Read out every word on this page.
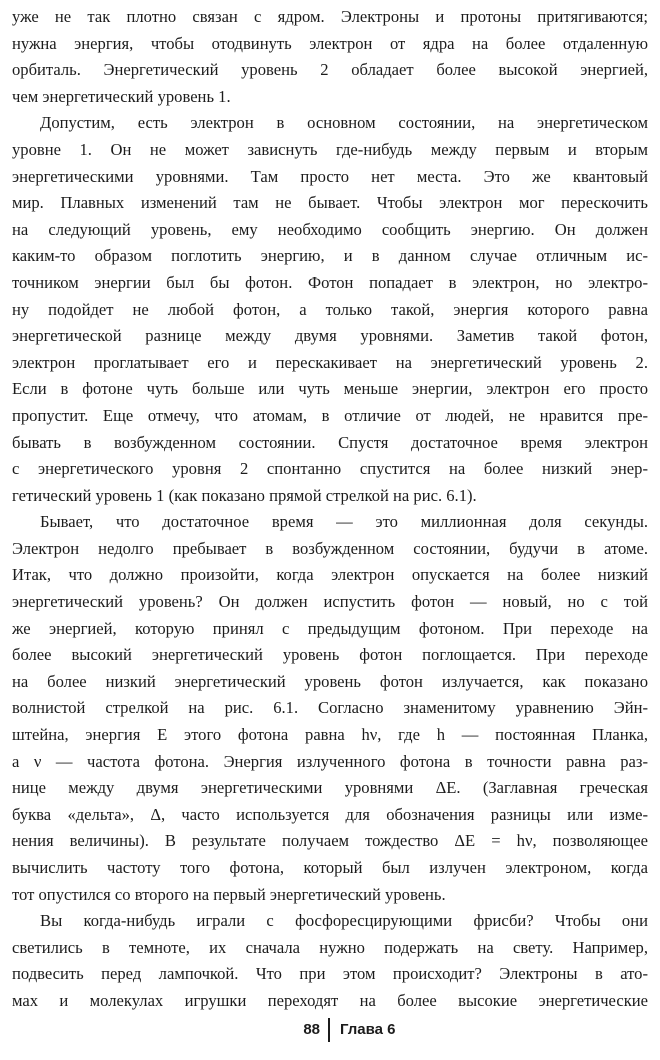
уже не так плотно связан с ядром. Электроны и протоны притягиваются;
нужна энергия, чтобы отодвинуть электрон от ядра на более отдаленную
орбиталь. Энергетический уровень 2 обладает более высокой энергией,
чем энергетический уровень 1.
Допустим, есть электрон в основном состоянии, на энергетическом
уровне 1. Он не может зависнуть где-нибудь между первым и вторым
энергетическими уровнями. Там просто нет места. Это же квантовый
мир. Плавных изменений там не бывает. Чтобы электрон мог перескочить
на следующий уровень, ему необходимо сообщить энергию. Он должен
каким-то образом поглотить энергию, и в данном случае отличным ис-
точником энергии был бы фотон. Фотон попадает в электрон, но электро-
ну подойдет не любой фотон, а только такой, энергия которого равна
энергетической разнице между двумя уровнями. Заметив такой фотон,
электрон проглатывает его и перескакивает на энергетический уровень 2.
Если в фотоне чуть больше или чуть меньше энергии, электрон его просто
пропустит. Еще отмечу, что атомам, в отличие от людей, не нравится пре-
бывать в возбужденном состоянии. Спустя достаточное время электрон
с энергетического уровня 2 спонтанно спустится на более низкий энер-
гетический уровень 1 (как показано прямой стрелкой на рис. 6.1).
Бывает, что достаточное время — это миллионная доля секунды.
Электрон недолго пребывает в возбужденном состоянии, будучи в атоме.
Итак, что должно произойти, когда электрон опускается на более низкий
энергетический уровень? Он должен испустить фотон — новый, но с той
же энергией, которую принял с предыдущим фотоном. При переходе на
более высокий энергетический уровень фотон поглощается. При переходе
на более низкий энергетический уровень фотон излучается, как показано
волнистой стрелкой на рис. 6.1. Согласно знаменитому уравнению Эйн-
штейна, энергия E этого фотона равна hν, где h — постоянная Планка,
а ν — частота фотона. Энергия излученного фотона в точности равна раз-
нице между двумя энергетическими уровнями ΔE. (Заглавная греческая
буква «дельта», Δ, часто используется для обозначения разницы или изме-
нения величины). В результате получаем тождество ΔE = hν, позволяющее
вычислить частоту того фотона, который был излучен электроном, когда
тот опустился со второго на первый энергетический уровень.
Вы когда-нибудь играли с фосфоресцирующими фрисби? Чтобы они
светились в темноте, их сначала нужно подержать на свету. Например,
подвесить перед лампочкой. Что при этом происходит? Электроны в ато-
мах и молекулах игрушки переходят на более высокие энергетические
88 Глава 6
